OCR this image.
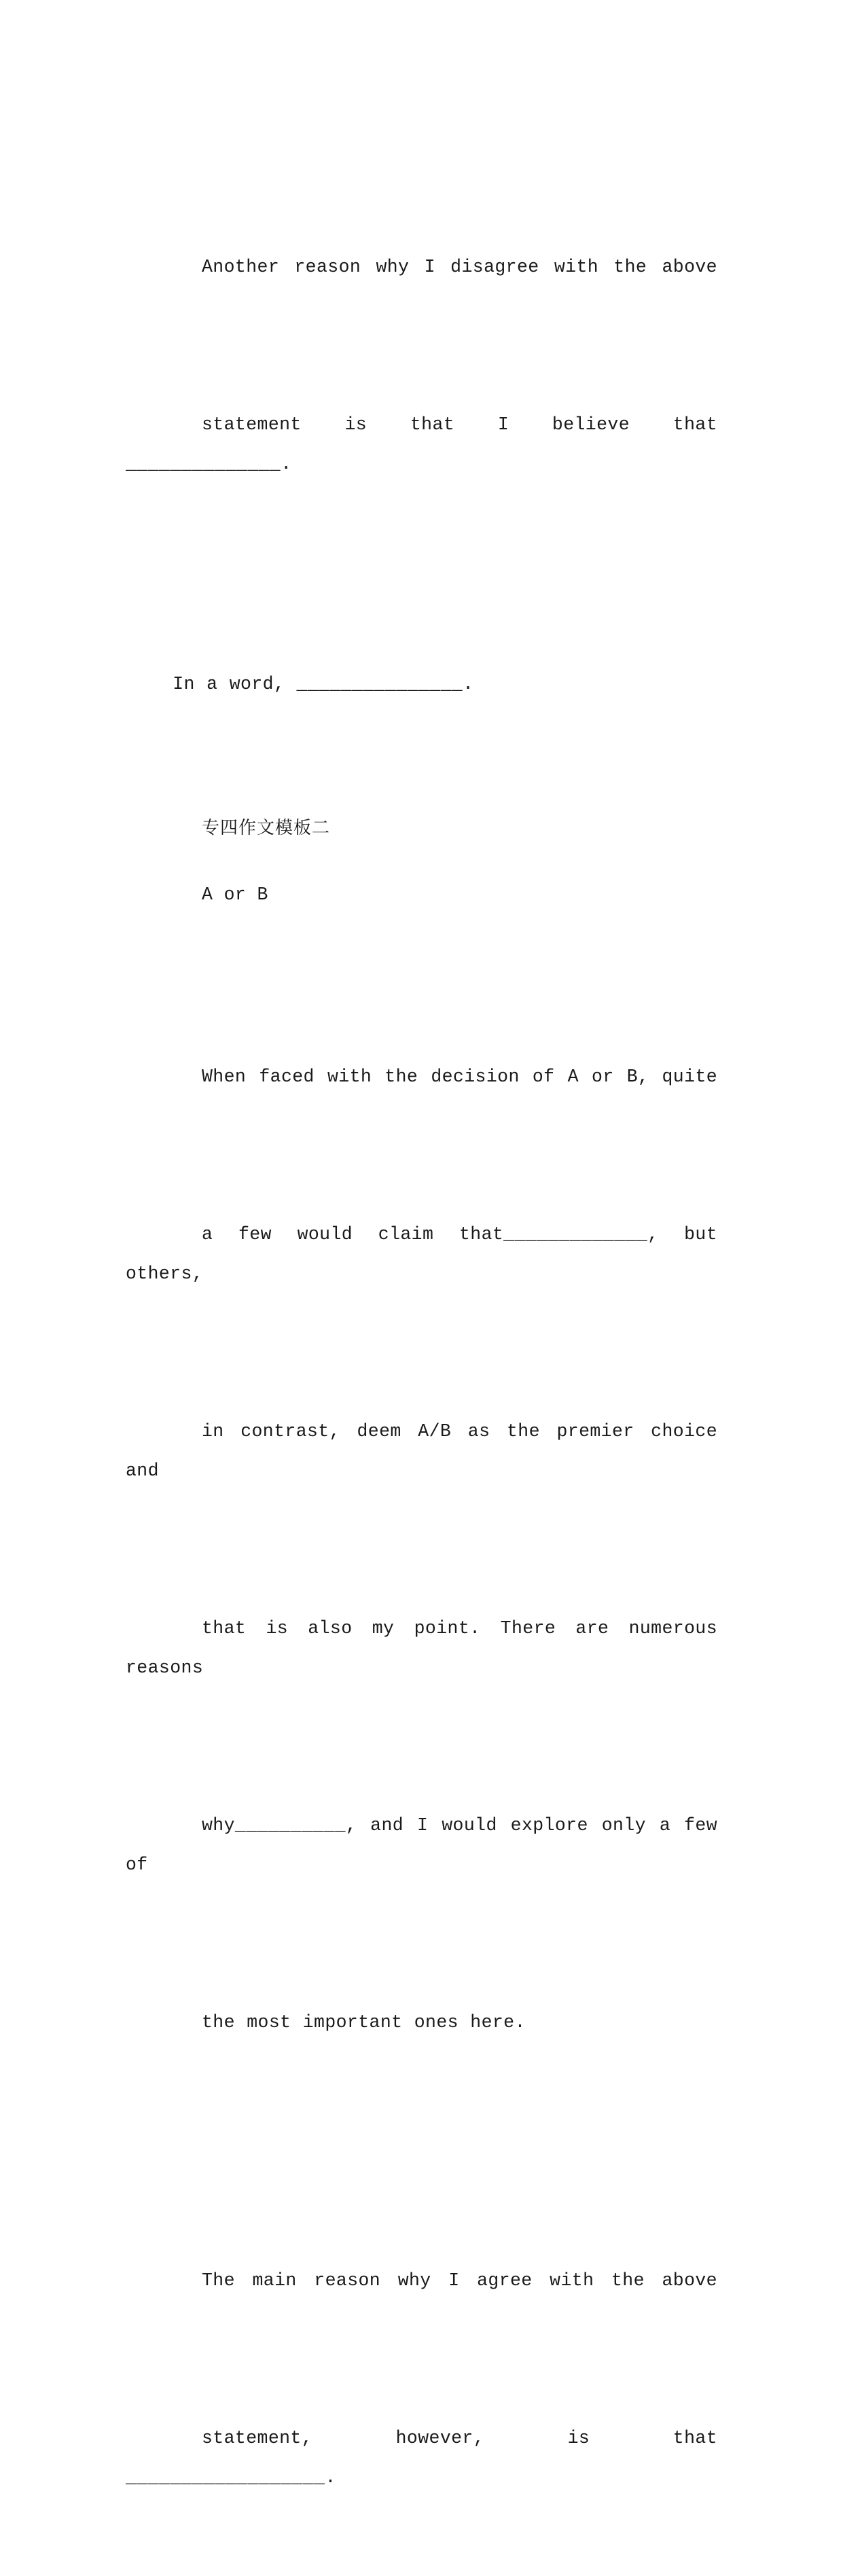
Another reason why I disagree with the above

statement is that I believe that ______________.

In a word, _______________.

专四作文模板二
A or B

When faced with the decision of A or B, quite

a few would claim that_____________, but others,

in contrast, deem A/B as the premier choice and

that is also my point. There are numerous reasons

why__________, and I would explore only a few of

the most important ones here.

The main reason why I agree with the above

statement, however, is that __________________.
